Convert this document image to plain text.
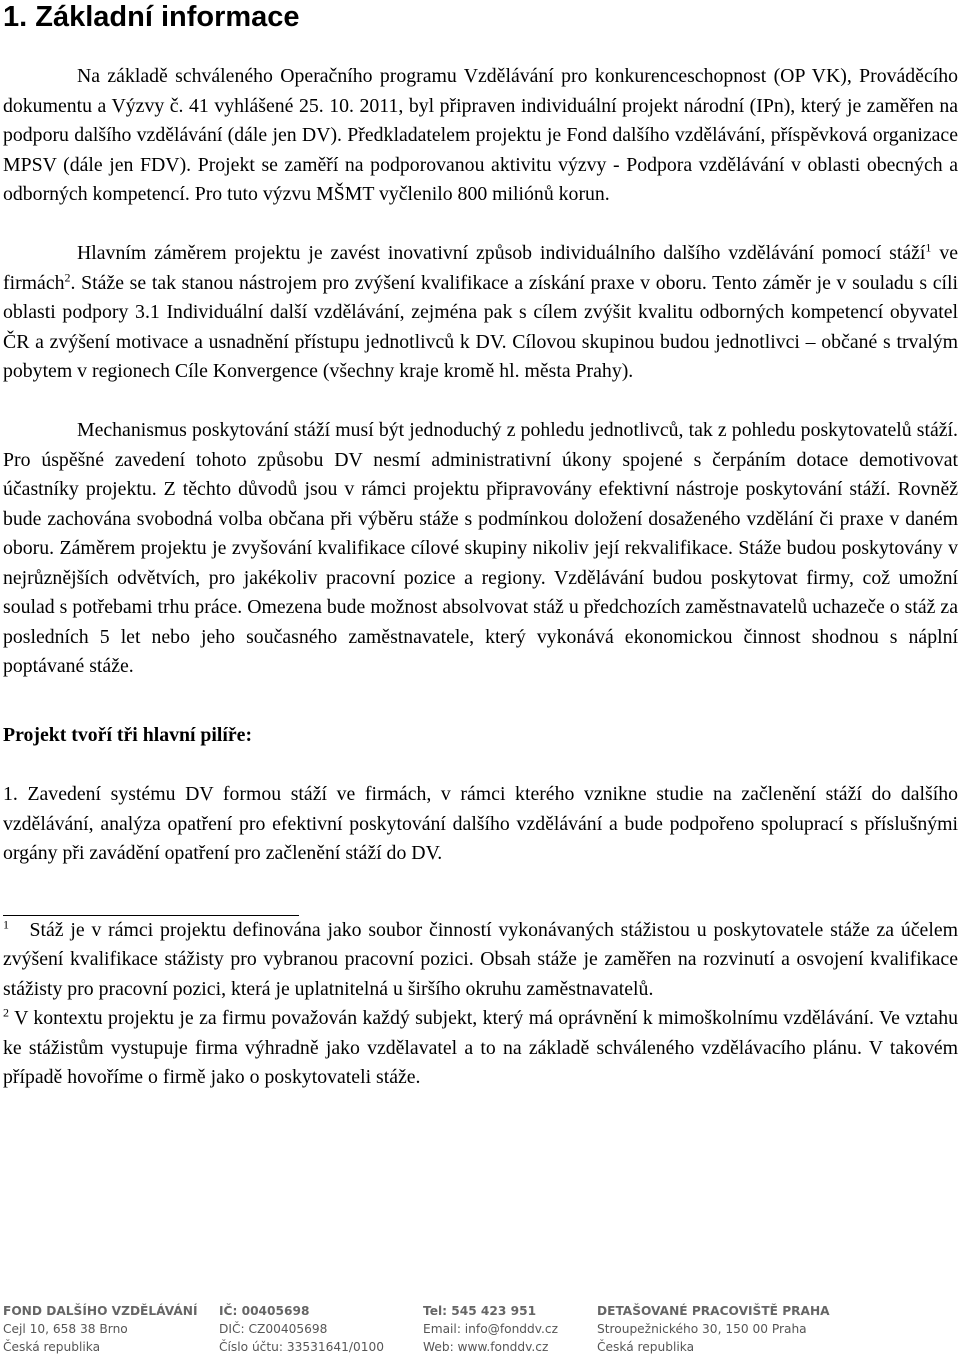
1. Základní informace

Na základě schváleného Operačního programu Vzdělávání pro konkurenceschopnost (OP VK), Prováděcího dokumentu a Výzvy č. 41 vyhlášené 25. 10. 2011, byl připraven individuální projekt národní (IPn), který je zaměřen na podporu dalšího vzdělávání (dále jen DV). Předkladatelem projektu je Fond dalšího vzdělávání, příspěvková organizace MPSV (dále jen FDV). Projekt se zaměří na podporovanou aktivitu výzvy - Podpora vzdělávání v oblasti obecných a odborných kompetencí. Pro tuto výzvu MŠMT vyčlenilo 800 miliónů korun.

Hlavním záměrem projektu je zavést inovativní způsob individuálního dalšího vzdělávání pomocí stáží$^1$ ve firmách$^2$. Stáže se tak stanou nástrojem pro zvýšení kvalifikace a získání praxe v oboru. Tento záměr je v souladu s cíli oblasti podpory 3.1 Individuální další vzdělávání, zejména pak s cílem zvýšit kvalitu odborných kompetencí obyvatel ČR a zvýšení motivace a usnadnění přístupu jednotlivců k DV. Cílovou skupinou budou jednotlivci – občané s trvalým pobytem v regionech Cíle Konvergence (všechny kraje kromě hl. města Prahy).

Mechanismus poskytování stáží musí být jednoduchý z pohledu jednotlivců, tak z pohledu poskytovatelů stáží. Pro úspěšné zavedení tohoto způsobu DV nesmí administrativní úkony spojené s čerpáním dotace demotivovat účastníky projektu. Z těchto důvodů jsou v rámci projektu připravovány efektivní nástroje poskytování stáží. Rovněž bude zachována svobodná volba občana při výběru stáže s podmínkou doložení dosaženého vzdělání či praxe v daném oboru. Záměrem projektu je zvyšování kvalifikace cílové skupiny nikoliv její rekvalifikace. Stáže budou poskytovány v nejrůznějších odvětvích, pro jakékoliv pracovní pozice a regiony. Vzdělávání budou poskytovat firmy, což umožní soulad s potřebami trhu práce. Omezena bude možnost absolvovat stáž u předchozích zaměstnavatelů uchazeče o stáž za posledních 5 let nebo jeho současného zaměstnavatele, který vykonává ekonomickou činnost shodnou s náplní poptávané stáže.

Projekt tvoří tři hlavní pilíře:

1. Zavedení systému DV formou stáží ve firmách, v rámci kterého vznikne studie na začlenění stáží do dalšího vzdělávání, analýza opatření pro efektivní poskytování dalšího vzdělávání a bude podpořeno spoluprací s příslušnými orgány při zavádění opatření pro začlenění stáží do DV.

$^1$ Stáž je v rámci projektu definována jako soubor činností vykonávaných stážistou u poskytovatele stáže za účelem zvýšení kvalifikace stážisty pro vybranou pracovní pozici. Obsah stáže je zaměřen na rozvinutí a osvojení kvalifikace stážisty pro pracovní pozici, která je uplatnitelná u širšího okruhu zaměstnavatelů.

$^2$ V kontextu projektu je za firmu považován každý subjekt, který má oprávnění k mimoškolnímu vzdělávání. Ve vztahu ke stážistům vystupuje firma výhradně jako vzdělavatel a to na základě schváleného vzdělávacího plánu. V takovém případě hovoříme o firmě jako o poskytovateli stáže.

FOND DALŠÍHO VZDĚLÁVÁNÍ
Cejl 10, 658 38 Brno
Česká republika
IČ: 00405698
DIČ: CZ00405698
Číslo účtu: 33531641/0100
Tel: 545 423 951
Email: info@fonddv.cz
Web: www.fonddv.cz
DETAŠOVANÉ PRACOVIŠTĚ PRAHA
Stroupežnického 30, 150 00 Praha
Česká republika
